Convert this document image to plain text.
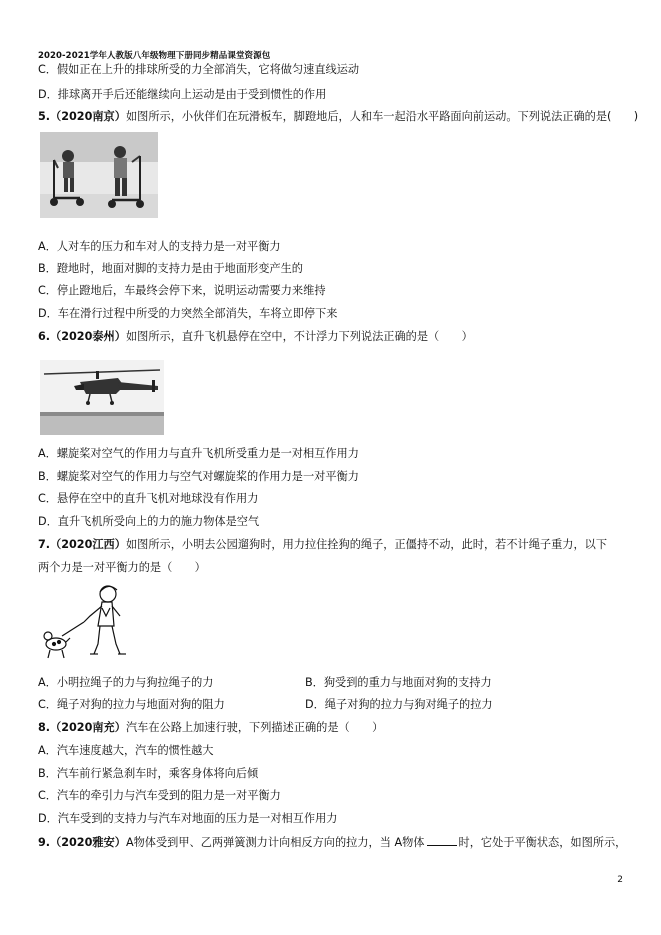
2020-2021学年人教版八年级物理下册同步精品课堂资源包
C．假如正在上升的排球所受的力全部消失，它将做匀速直线运动
D．排球离开手后还能继续向上运动是由于受到惯性的作用
5.（2020南京）如图所示，小伙伴们在玩滑板车，脚蹬地后，人和车一起沿水平路面向前运动。下列说法正确的是(　　)
A．人对车的压力和车对人的支持力是一对平衡力
B．蹬地时，地面对脚的支持力是由于地面形变产生的
C．停止蹬地后，车最终会停下来，说明运动需要力来维持
D．车在滑行过程中所受的力突然全部消失，车将立即停下来
6.（2020泰州）如图所示，直升飞机悬停在空中，不计浮力下列说法正确的是（　　）
A．螺旋桨对空气的作用力与直升飞机所受重力是一对相互作用力
B．螺旋桨对空气的作用力与空气对螺旋桨的作用力是一对平衡力
C．悬停在空中的直升飞机对地球没有作用力
D．直升飞机所受向上的力的施力物体是空气
7.（2020江西）如图所示，小明去公园遛狗时，用力拉住拴狗的绳子，正僵持不动，此时，若不计绳子重力，以下
两个力是一对平衡力的是（　　）
A．小明拉绳子的力与狗拉绳子的力	B．狗受到的重力与地面对狗的支持力
C．绳子对狗的拉力与地面对狗的阻力	D．绳子对狗的拉力与狗对绳子的拉力
8.（2020南充）汽车在公路上加速行驶，下列描述正确的是（　　）
A．汽车速度越大，汽车的惯性越大
B．汽车前行紧急刹车时，乘客身体将向后倾
C．汽车的牵引力与汽车受到的阻力是一对平衡力
D．汽车受到的支持力与汽车对地面的压力是一对相互作用力
9.（2020雅安）A物体受到甲、乙两弹簧测力计向相反方向的拉力，当 A物体	时，它处于平衡状态，如图所示，
2
